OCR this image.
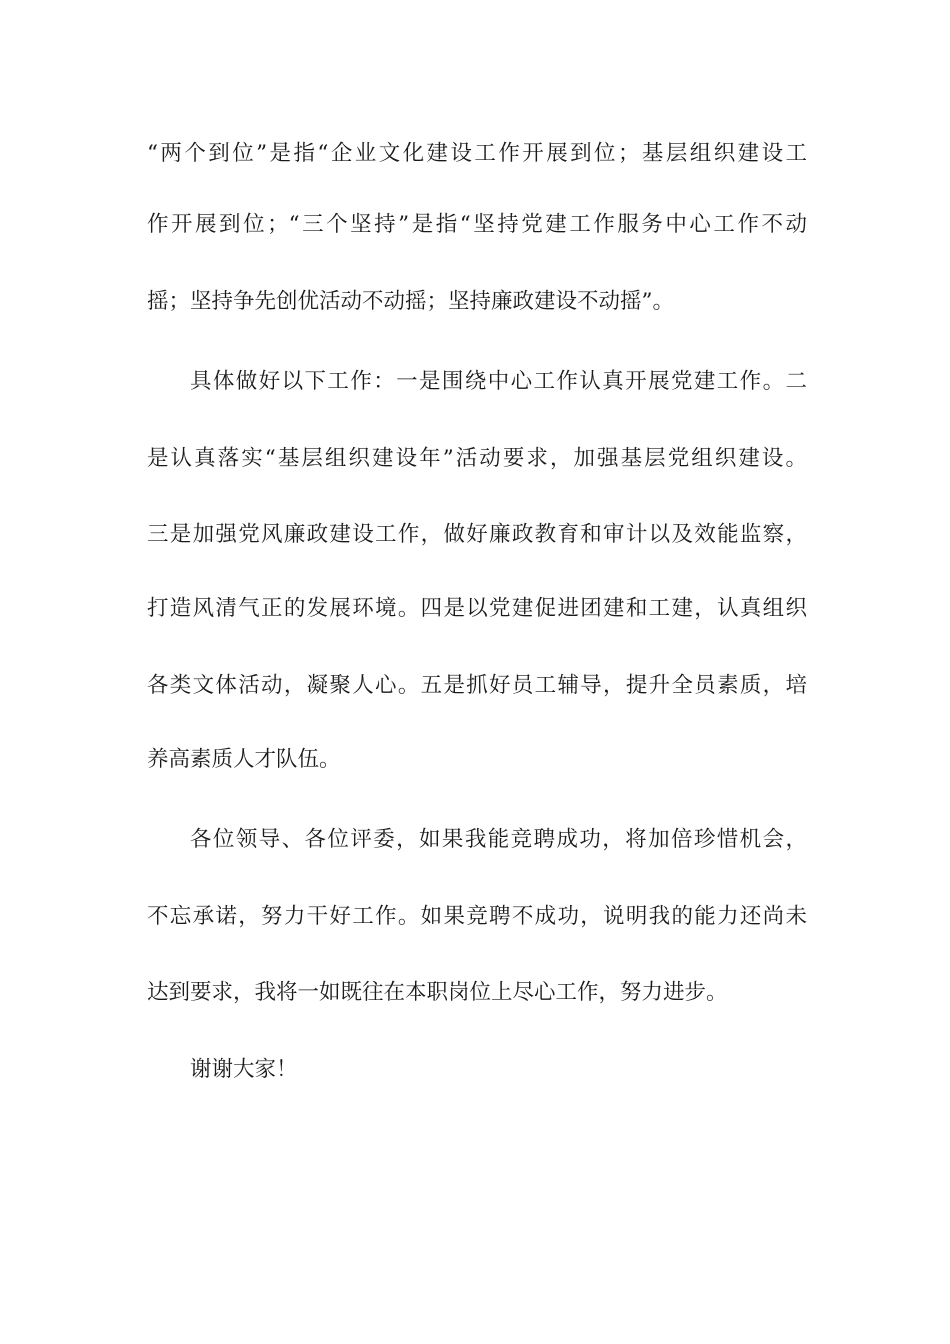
“两个到位”是指“企业文化建设工作开展到位；基层组织建设工
作开展到位；“三个坚持”是指“坚持党建工作服务中心工作不动
摇；坚持争先创优活动不动摇；坚持廉政建设不动摇”。
具体做好以下工作：一是围绕中心工作认真开展党建工作。二
是认真落实“基层组织建设年”活动要求，加强基层党组织建设。
三是加强党风廉政建设工作，做好廉政教育和审计以及效能监察，
打造风清气正的发展环境。四是以党建促进团建和工建，认真组织
各类文体活动，凝聚人心。五是抓好员工辅导，提升全员素质，培
养高素质人才队伍。
各位领导、各位评委，如果我能竞聘成功，将加倍珍惜机会，
不忘承诺，努力干好工作。如果竞聘不成功，说明我的能力还尚未
达到要求，我将一如既往在本职岗位上尽心工作，努力进步。
谢谢大家！
